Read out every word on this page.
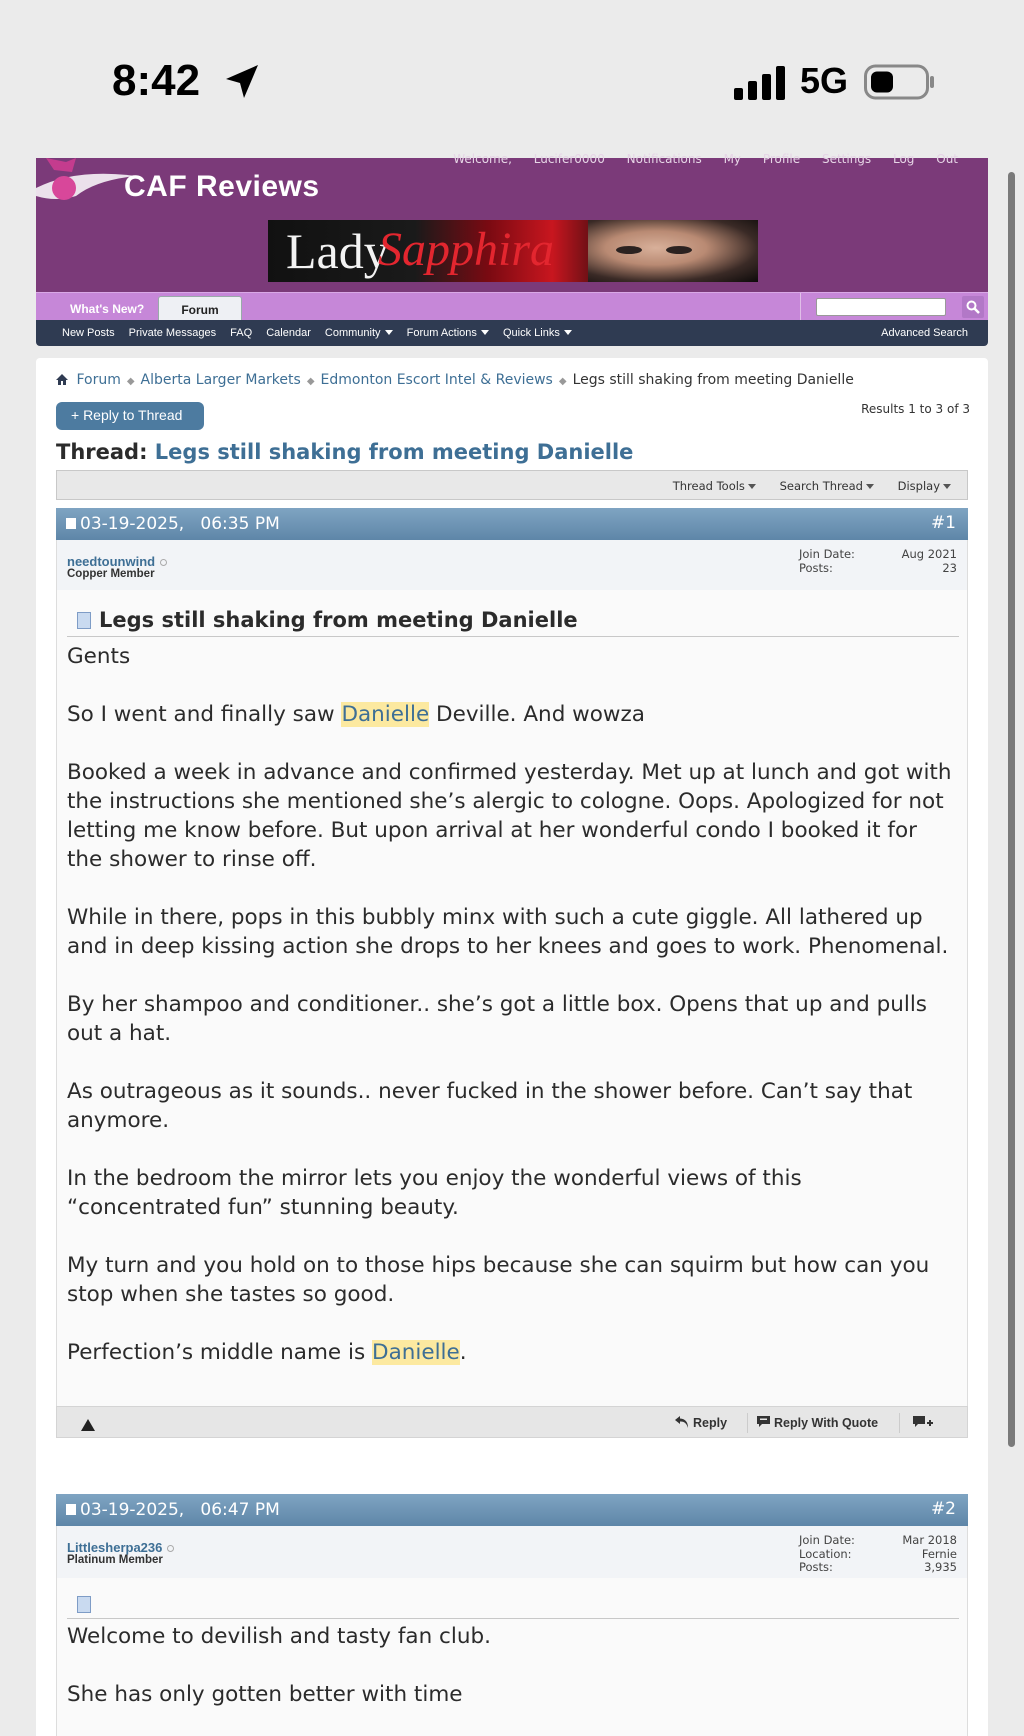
8:42	5G
Welcome, Lucifer0000 Notifications My Profile Settings Log Out
CAF Reviews
Lady
Sapphira
What's New?	Forum
New Posts Private Messages FAQ Calendar Community Forum Actions Quick Links	Advanced Search
Forum ◆ Alberta Larger Markets ◆ Edmonton Escort Intel & Reviews ◆ Legs still shaking from meeting Danielle
+ Reply to Thread	Results 1 to 3 of 3
Thread: Legs still shaking from meeting Danielle
Thread Tools	Search Thread	Display
03-19-2025, 06:35 PM	#1
needtounwind
Copper Member
Join Date:	Aug 2021
Posts:	23
Legs still shaking from meeting Danielle

Gents

So I went and finally saw Danielle Deville. And wowza

Booked a week in advance and confirmed yesterday. Met up at lunch and got with the instructions she mentioned she’s alergic to cologne. Oops. Apologized for not letting me know before. But upon arrival at her wonderful condo I booked it for the shower to rinse off.

While in there, pops in this bubbly minx with such a cute giggle. All lathered up and in deep kissing action she drops to her knees and goes to work. Phenomenal.

By her shampoo and conditioner.. she’s got a little box. Opens that up and pulls out a hat.

As outrageous as it sounds.. never fucked in the shower before. Can’t say that anymore.

In the bedroom the mirror lets you enjoy the wonderful views of this “concentrated fun” stunning beauty.

My turn and you hold on to those hips because she can squirm but how can you stop when she tastes so good.

Perfection’s middle name is Danielle.

Reply	Reply With Quote
03-19-2025, 06:47 PM	#2
Littlesherpa236
Platinum Member
Join Date:	Mar 2018
Location:	Fernie
Posts:	3,935

Welcome to devilish and tasty fan club.

She has only gotten better with time
